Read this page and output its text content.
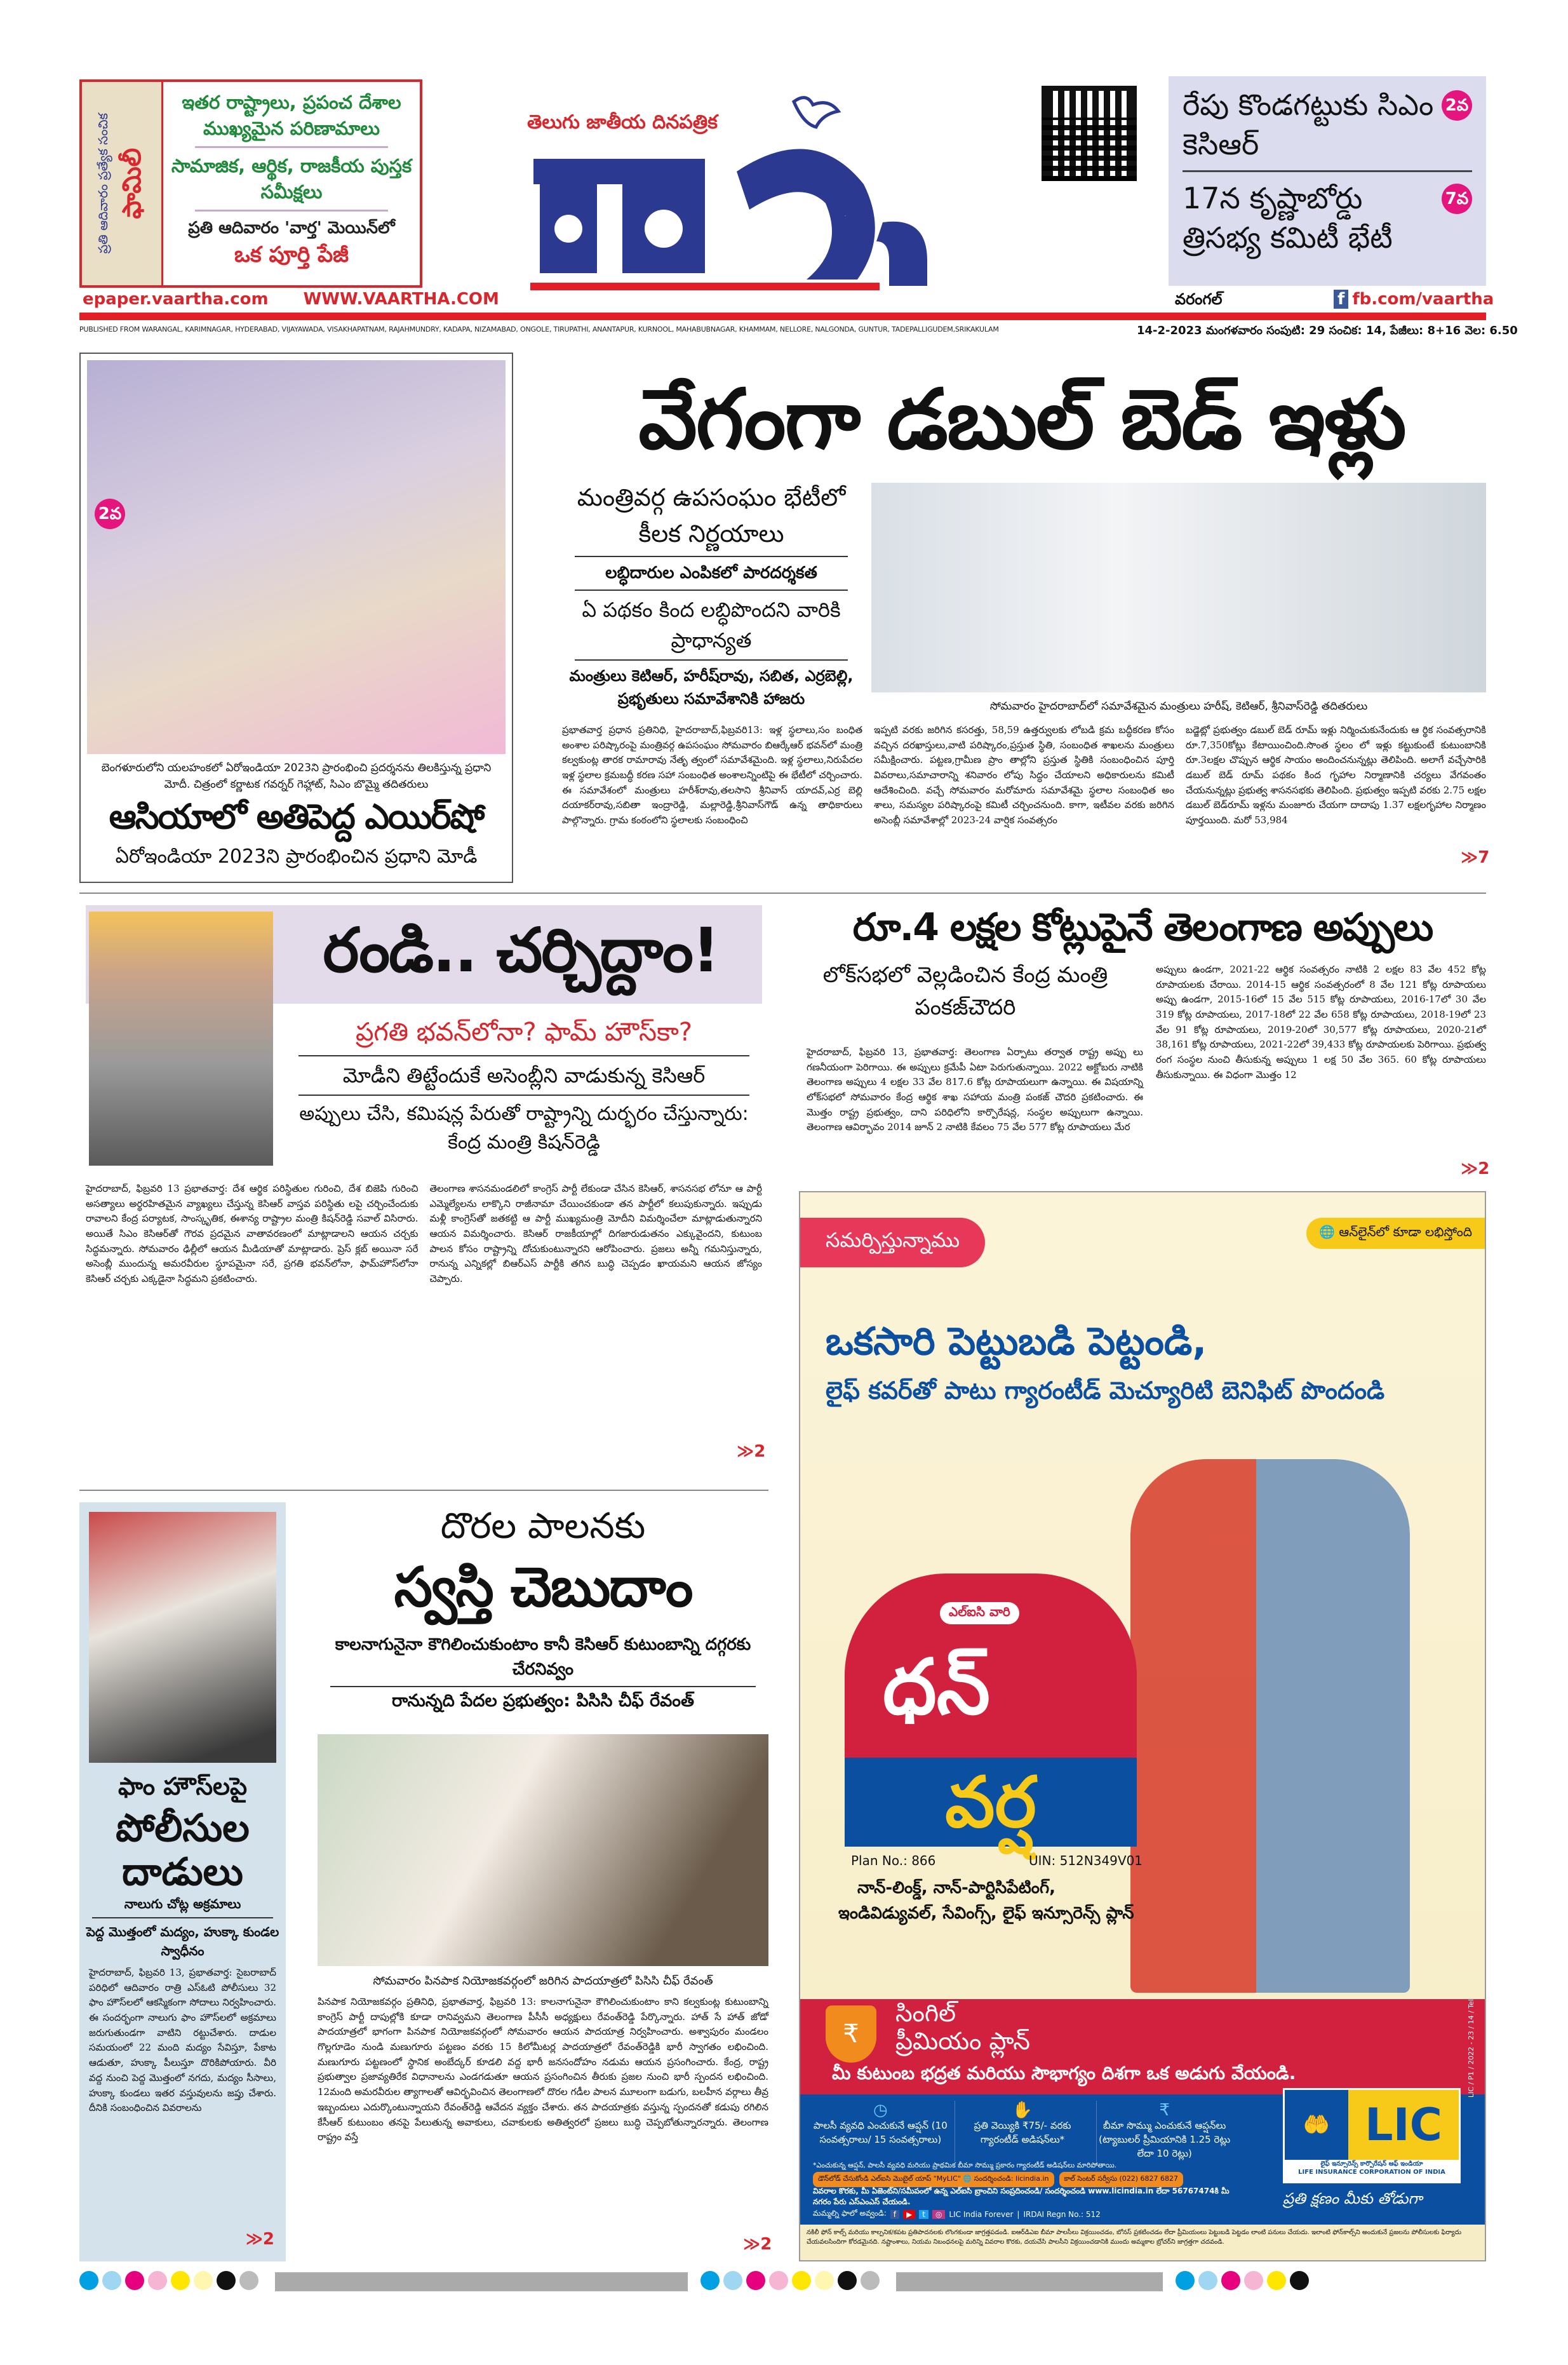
ఫామిలీ
ప్రతి ఆదివారం ప్రత్యేక సంచిక
ఇతర రాష్ట్రాలు, ప్రపంచ దేశాల ముఖ్యమైన పరిణామాలు
సామాజిక, ఆర్థిక, రాజకీయ పుస్తక సమీక్షలు
ప్రతి ఆదివారం 'వార్త' మెయిన్‌లో
ఒక పూర్తి పేజీ
epaper.vaartha.com WWW.VAARTHA.COM
తెలుగు జాతీయ దినపత్రిక
వార్త
2వ
రేపు కొండగట్టుకు సిఎం కెసిఆర్
7వ
17న కృష్ణాబోర్డు త్రిసభ్య కమిటీ భేటీ
వరంగల్	f fb.com/vaartha
PUBLISHED FROM WARANGAL, KARIMNAGAR, HYDERABAD, VIJAYAWADA, VISAKHAPATNAM, RAJAHMUNDRY, KADAPA, NIZAMABAD, ONGOLE, TIRUPATHI, ANANTAPUR, KURNOOL, MAHABUBNAGAR, KHAMMAM, NELLORE, NALGONDA, GUNTUR, TADEPALLIGUDEM,SRIKAKULAM	14-2-2023 మంగళవారం సంపుటి: 29 సంచిక: 14, పేజీలు: 8+16 వెల: 6.50
2వ
బెంగళూరులోని యలహంకలో ఏరోఇండియా 2023ని ప్రారంభించి ప్రదర్శనను తిలకిస్తున్న ప్రధాని మోదీ. చిత్రంలో కర్ణాటక గవర్నర్ గెహ్లాట్, సిఎం బొమ్మై తదితరులు
ఆసియాలో అతిపెద్ద ఎయిర్‌షో
ఏరోఇండియా 2023ని ప్రారంభించిన ప్రధాని మోడీ
వేగంగా డబుల్ బెడ్ ఇళ్లు
మంత్రివర్గ ఉపసంఘం భేటీలో కీలక నిర్ణయాలు
లబ్ధిదారుల ఎంపికలో పారదర్శకత
ఏ పథకం కింద లబ్ధిపొందని వారికి ప్రాధాన్యత
మంత్రులు కెటిఆర్, హరీష్‌రావు, సబిత, ఎర్రబెల్లి, ప్రభృతులు సమావేశానికి హాజరు	సోమవారం హైదరాబాద్‌లో సమావేశమైన మంత్రులు హరీష్, కెటిఆర్, శ్రీనివాస్‌రెడ్డి తదితరులు

ప్రభాతవార్త ప్రధాన ప్రతినిధి, హైదరాబాద్,ఫిబ్రవరి13: ఇళ్ల స్థలాలు,సం బంధిత అంశాల పరిష్కారంపై మంత్రివర్గ ఉపసంఘం సోమవారం బిఆర్కేఆర్ భవన్‌లో మంత్రి కల్వకుంట్ల తారక రామారావు నేతృ త్వంలో సమావేశమైంది. ఇళ్ల స్థలాలు,నిరుపేదల ఇళ్ల స్థలాల క్రమబద్ధీ కరణ సహా సంబంధిత అంశాలన్నింటిపై ఈ భేటీలో చర్చించారు. ఈ సమావేశంలో మంత్రులు హరీశ్‌రావు,తలసాని శ్రీనివాస్ యాదవ్,ఎర్ర బెల్లి దయాకర్‌రావు,సబితా ఇంద్రారెడ్డి, మల్లారెడ్డి,శ్రీనివాస్‌గౌడ్ ఉన్న తాధికారులు పాల్గొన్నారు. గ్రామ కంఠంలోని స్థలాలకు సంబంధించి

ఇప్పటి వరకు జరిగిన కసరత్తు, 58,59 ఉత్తర్వులకు లోబడి క్రమ బద్ధీకరణ కోసం వచ్చిన దరఖాస్తులు,వాటి పరిష్కారం,ప్రస్తుత స్థితి, సంబంధిత శాఖలను మంత్రులు సమీక్షించారు. పట్టణ,గ్రామీణ ప్రాం తాల్లోని ప్రస్తుత స్థితికి సంబంధించిన పూర్తి వివరాలు,సమాచారాన్ని శనివారం లోపు సిద్ధం చేయాలని అధికారులను కమిటీ ఆదేశించింది. వచ్చే సోమవారం మరోమారు సమావేశమై స్థలాల సంబంధిత అం శాలు, సమస్యల పరిష్కారంపై కమిటీ చర్చించనుంది. కాగా, ఇటీవల వరకు జరిగిన అసెంబ్లీ సమావేశాల్లో 2023-24 వార్షిక సంవత్సరం

బడ్జెట్లో ప్రభుత్వం డబుల్ బెడ్ రూమ్ ఇళ్లు నిర్మించుకునేందుకు ఆ ర్థిక సంవత్సరానికి రూ.7,350కోట్లు కేటాయించింది.సొంత స్థలం లో ఇళ్లు కట్టుకుంటే కుటుంబానికి రూ.3లక్షల చొప్పున ఆర్థిక సాయం అందించనున్నట్లు తెలిపింది. అలాగే వచ్చేసారికి డబుల్ బెడ్ రూమ్ పథకం కింద గృహాల నిర్మాణానికి చర్యలు వేగవంతం చేయనున్నట్లు ప్రభుత్వ శాసనసభకు తెలిపింది. ప్రభుత్వం ఇప్పటి వరకు 2.75 లక్షల డబుల్ బెడ్‌రూమ్ ఇళ్లను మంజూరు చేయగా దాదాపు 1.37 లక్షలగృహాల నిర్మాణం పూర్తయింది. మరో 53,984

≫7
రండి.. చర్చిద్దాం!
ప్రగతి భవన్‌లోనా? ఫామ్ హౌస్‌కా?
మోడీని తిట్టేందుకే అసెంబ్లీని వాడుకున్న కెసిఆర్
అప్పులు చేసి, కమిషన్ల పేరుతో రాష్ట్రాన్ని దుర్భరం చేస్తున్నారు: కేంద్ర మంత్రి కిషన్‌రెడ్డి

హైదరాబాద్, ఫిబ్రవరి 13 ప్రభాతవార్త: దేశ ఆర్థిక పరిస్థితుల గురించి, దేశ బిజెపి గురించి అసత్యాలు అర్థరహితమైన వ్యాఖ్యలు చేస్తున్న కెసిఆర్ వాస్తవ పరిస్థితు లపై చర్చించేందుకు రావాలని కేంద్ర పర్యాటక, సాంస్కృతిక, ఈశాన్య రాష్ట్రాల మంత్రి కిషన్‌రెడ్డి సవాల్ విసిరారు. అయితే సిఎం కెసిఆర్‌తో గౌరవ ప్రదమైన వాతావరణంలో మాట్లాడాలని ఆయన చర్చకు సిద్ధమన్నారు. సోమవారం ఢిల్లీలో ఆయన మీడియాతో మాట్లాడారు. ప్రెస్ క్లబ్ అయినా సరే అసెంబ్లీ ముందున్న అమరవీరుల స్థూపమైనా సరే, ప్రగతి భవన్‌లోనా, ఫామ్‌హౌస్‌లోనా కెసిఆర్ చర్చకు ఎక్కడైనా సిద్ధమని ప్రకటించారు.

తెలంగాణ శాసనమండలిలో కాంగ్రెస్ పార్టీ లేకుండా చేసిన కెసిఆర్, శాసనసభ లోనూ ఆ పార్టీ ఎమ్మెల్యేలను లాక్కొని రాజీనామా చేయించకుండా తన పార్టీలో కలుపుకున్నారు. ఇప్పుడు మళ్లీ కాంగ్రెస్‌తో జతకట్టి ఆ పార్టీ ముఖ్యమంత్రి మోదీని విమర్శించేలా మాట్లాడుతున్నారని ఆయన విమర్శించారు. కెసిఆర్ రాజకీయాల్లో దిగజారుడుతనం ఎక్కువైందని, కుటుంబ పాలన కోసం రాష్ట్రాన్ని దోచుకుంటున్నారని ఆరోపించారు. ప్రజలు అన్నీ గమనిస్తున్నారు, రానున్న ఎన్నికల్లో బిఆర్ఎస్ పార్టీకి తగిన బుద్ధి చెప్పడం ఖాయమని ఆయన జోస్యం చెప్పారు.

≫2
రూ.4 లక్షల కోట్లుపైనే తెలంగాణ అప్పులు
లోక్‌సభలో వెల్లడించిన కేంద్ర మంత్రి పంకజ్‌చౌదరి

హైదరాబాద్, ఫిబ్రవరి 13, ప్రభాతవార్త: తెలంగాణ ఏర్పాటు తర్వాత రాష్ట్ర అప్పు లు గణనీయంగా పెరిగాయి. ఈ అప్పులు క్రమేపీ ఏటా పెరుగుతున్నాయి. 2022 అక్టోబరు నాటికి తెలంగాణ అప్పులు 4 లక్షల 33 వేల 817.6 కోట్ల రూపాయలుగా ఉన్నాయి. ఈ విషయాన్ని లోక్‌సభలో సోమవారం కేంద్ర ఆర్థిక శాఖ సహాయ మంత్రి పంకజ్ చౌదరి ప్రకటించారు. ఈ మొత్తం రాష్ట్ర ప్రభుత్వం, దాని పరిధిలోని కార్పొరేషన్ల, సంస్థల అప్పులుగా ఉన్నాయి. తెలంగాణ ఆవిర్భావం 2014 జూన్ 2 నాటికి కేవలం 75 వేల 577 కోట్ల రూపాయలు మేర

అప్పులు ఉండగా, 2021-22 ఆర్థిక సంవత్సరం నాటికి 2 లక్షల 83 వేల 452 కోట్ల రూపాయలకు చేరాయి. 2014-15 ఆర్థిక సంవత్సరంలో 8 వేల 121 కోట్ల రూపాయలు అప్పు ఉండగా, 2015-16లో 15 వేల 515 కోట్ల రూపాయలు, 2016-17లో 30 వేల 319 కోట్ల రూపాయలు, 2017-18లో 22 వేల 658 కోట్ల రూపాయలు, 2018-19లో 23 వేల 91 కోట్ల రూపాయలు, 2019-20లో 30,577 కోట్ల రూపాయలు, 2020-21లో 38,161 కోట్ల రూపాయలు, 2021-22లో 39,433 కోట్ల రూపాయలకు పెరిగాయి. ప్రభుత్వ రంగ సంస్థల నుంచి తీసుకున్న అప్పులు 1 లక్ష 50 వేల 365. 60 కోట్ల రూపాయలు తీసుకున్నాయి. ఈ విధంగా మొత్తం 12

≫2
సమర్పిస్తున్నాము	🌐 ఆన్‌లైన్‌లో కూడా లభిస్తోంది
ఒకసారి పెట్టుబడి పెట్టండి,
లైఫ్ కవర్‌తో పాటు గ్యారంటీడ్ మెచ్యూరిటి బెనిఫిట్ పొందండి
ఎల్ఐసి వారి
ధన్
వర్ష
Plan No.: 866	UIN: 512N349V01
నాన్-లింక్డ్, నాన్-పార్టిసిపేటింగ్,
ఇండివిడ్యువల్, సేవింగ్స్, లైఫ్ ఇన్సూరెన్స్ ప్లాన్
₹
సింగిల్
ప్రీమియం ప్లాన్
మీ కుటుంబ భద్రత మరియు సౌభాగ్యం దిశగా ఒక అడుగు వేయండి.
◷
పాలసీ వ్యవధి ఎంచుకునే ఆప్షన్ (10 సంవత్సరాలు/ 15 సంవత్సరాలు)
✋
ప్రతి వెయ్యికి ₹75/- వరకు గ్యారంటీడ్ అడిషన్‌లు*
₹
బీమా సొమ్ము ఎంచుకునే ఆప్షన్‌లు (ట్యాబులర్ ప్రీమియానికి 1.25 రెట్లు లేదా 10 రెట్లు)
*ఎంచుకున్న ఆప్షన్, పాలసీ వ్యవధి మరియు ప్రాథమిక బీమా సొమ్ము ప్రకారం గ్యారంటీడ్ అడిషన్‌లు మారిపోతాయి.
డౌన్‌లోడ్ చేసుకోండి ఎల్ఐసి మొబైల్ యాప్ "MyLIC" 🌐 సందర్శించండి: licindia.in	కాల్ సెంటర్ సర్వీసు (022) 6827 6827
వివరాల కొరకు, మీ ఏజెంట్‌ని/సమీపంలో ఉన్న ఎల్ఐసి బ్రాంచిని సంప్రదించండి/ సందర్శించండి www.licindia.in లేదా 56767474కి మీ నగరం పేరు ఎస్ఎంఎస్ చేయండి.
మమ్మల్ని ఫాలో అవ్వండి: f	▶	t	◎ LIC India Forever | IRDAI Regn No.: 512
🤲 LIC
లైఫ్ ఇన్సూరెన్స్ కార్పొరేషన్ ఆఫ్ ఇండియా
LIFE INSURANCE CORPORATION OF INDIA
ప్రతి క్షణం మీకు తోడుగా
LIC / P1 / 2022 - 23 / 14 / Tel
నకిలీ ఫోన్ కాల్స్ మరియు కాల్పనిక/కపట ప్రతిపాదనలకు లొంగకుండా జాగ్రత్తపడండి. ఐఆర్‌డిఎఐ బీమా పాలసీలు విక్రయించడం, బోనస్ ప్రకటించడం లేదా ప్రీమియంలు పెట్టుబడి పెట్టడం లాంటి పనులు చేయదు. ఇలాంటి ఫోన్‌కాల్స్‌ని అందుకునే ప్రజలను పోలీసులకు ఫిర్యాదు చేయవలసిందిగా కోరడమైనది. నష్టాంశాలు, నియమ నిబంధనలపై మరిన్ని వివరాల కొరకు, దయచేసి పాలసీని విక్రయించడానికి ముందు అమ్మకాల బ్రోచర్‌ని జాగ్రత్తగా చదవండి.
ఫాం హౌస్‌లపై
పోలీసుల దాడులు
నాలుగు చోట్ల అక్రమాలు
పెద్ద మొత్తంలో మద్యం, హుక్కా కుండల స్వాధీనం

హైదరాబాద్, ఫిబ్రవరి 13, ప్రభాతవార్త: సైబరాబాద్ పరిధిలో ఆదివారం రాత్రి ఎస్ఓటి పోలీసులు 32 ఫాం హౌస్‌లలో ఆకస్మికంగా సోదాలు నిర్వహించారు. ఈ సందర్భంగా నాలుగు ఫాం హౌస్‌లలో అక్రమాలు జరుగుతుండగా వాటిని రట్టుచేశారు. దాడుల సమయంలో 22 మంది మద్యం సేవిస్తూ, పేకాట ఆడుతూ, హుక్కా పీలుస్తూ దొరికిపోయారు. వీరి వద్ద నుంచి పెద్ద మొత్తంలో నగదు, మద్యం సీసాలు, హుక్కా కుండలు ఇతర వస్తువులను జప్తు చేశారు. దీనికి సంబంధించిన వివరాలను

≫2
దొరల పాలనకు
స్వస్తి చెబుదాం
కాలనాగునైనా కౌగిలించుకుంటాం కానీ కెసిఆర్ కుటుంబాన్ని దగ్గరకు చేరనివ్వం
రానున్నది పేదల ప్రభుత్వం: పిసిసి చీఫ్ రేవంత్
సోమవారం పినపాక నియోజకవర్గంలో జరిగిన పాదయాత్రలో పిసిసి చీఫ్ రేవంత్

పినపాక నియోజకవర్గం ప్రతినిధి, ప్రభాతవార్త, ఫిబ్రవరి 13: కాలనాగునైనా కౌగిలించుకుంటాం కాని కల్వకుంట్ల కుటుంబాన్ని కాంగ్రెస్ పార్టీ దాపుల్లోకి కూడా రానివ్వమని తెలంగాణ పీసీసీ అధ్యక్షులు రేవంత్‌రెడ్డి పేర్కొన్నారు. హాత్ సే హాత్ జోడో పాదయాత్రలో భాగంగా పినపాక నియోజకవర్గంలో సోమవారం ఆయన పాదయాత్ర నిర్వహించారు. అశ్వాపురం మండలం గొల్లగూడెం నుండి మణుగూరు పట్టణం వరకు 15 కిలోమీటర్ల పాదయాత్రలో రేవంత్‌రెడ్డికి భారీ స్వాగతం లభించింది. మణుగూరు పట్టణంలో స్థానిక అంబేద్కర్ కూడలి వద్ద భారీ జనసందోహం నడుమ ఆయన ప్రసంగించారు. కేంద్ర, రాష్ట్ర ప్రభుత్వాల ప్రజావ్యతిరేక విధానాలను ఎండగడుతూ ఆయన ప్రసంగించిన తీరుకు ప్రజల నుంచి భారీ స్పందన లభించింది. 12మంది అమరవీరుల త్యాగాలతో ఆవిర్భవించిన తెలంగాణలో దొరల గడీల పాలన మూలంగా బడుగు, బలహీన వర్గాలు తీవ్ర ఇబ్బందులు ఎదుర్కొంటున్నాయని రేవంత్‌రెడ్డి ఆవేదన వ్యక్తం చేశారు. తన పాదయాత్రకు వస్తున్న స్పందనతో కడుపు రగిలిన కేసీఆర్ కుటుంబం తనపై పేలుతున్న అవాకులు, చవాకులకు అతిత్వరలో ప్రజలు బుద్ధి చెప్పబోతున్నారన్నారు. తెలంగాణ రాష్ట్రం వస్తే

≫2
